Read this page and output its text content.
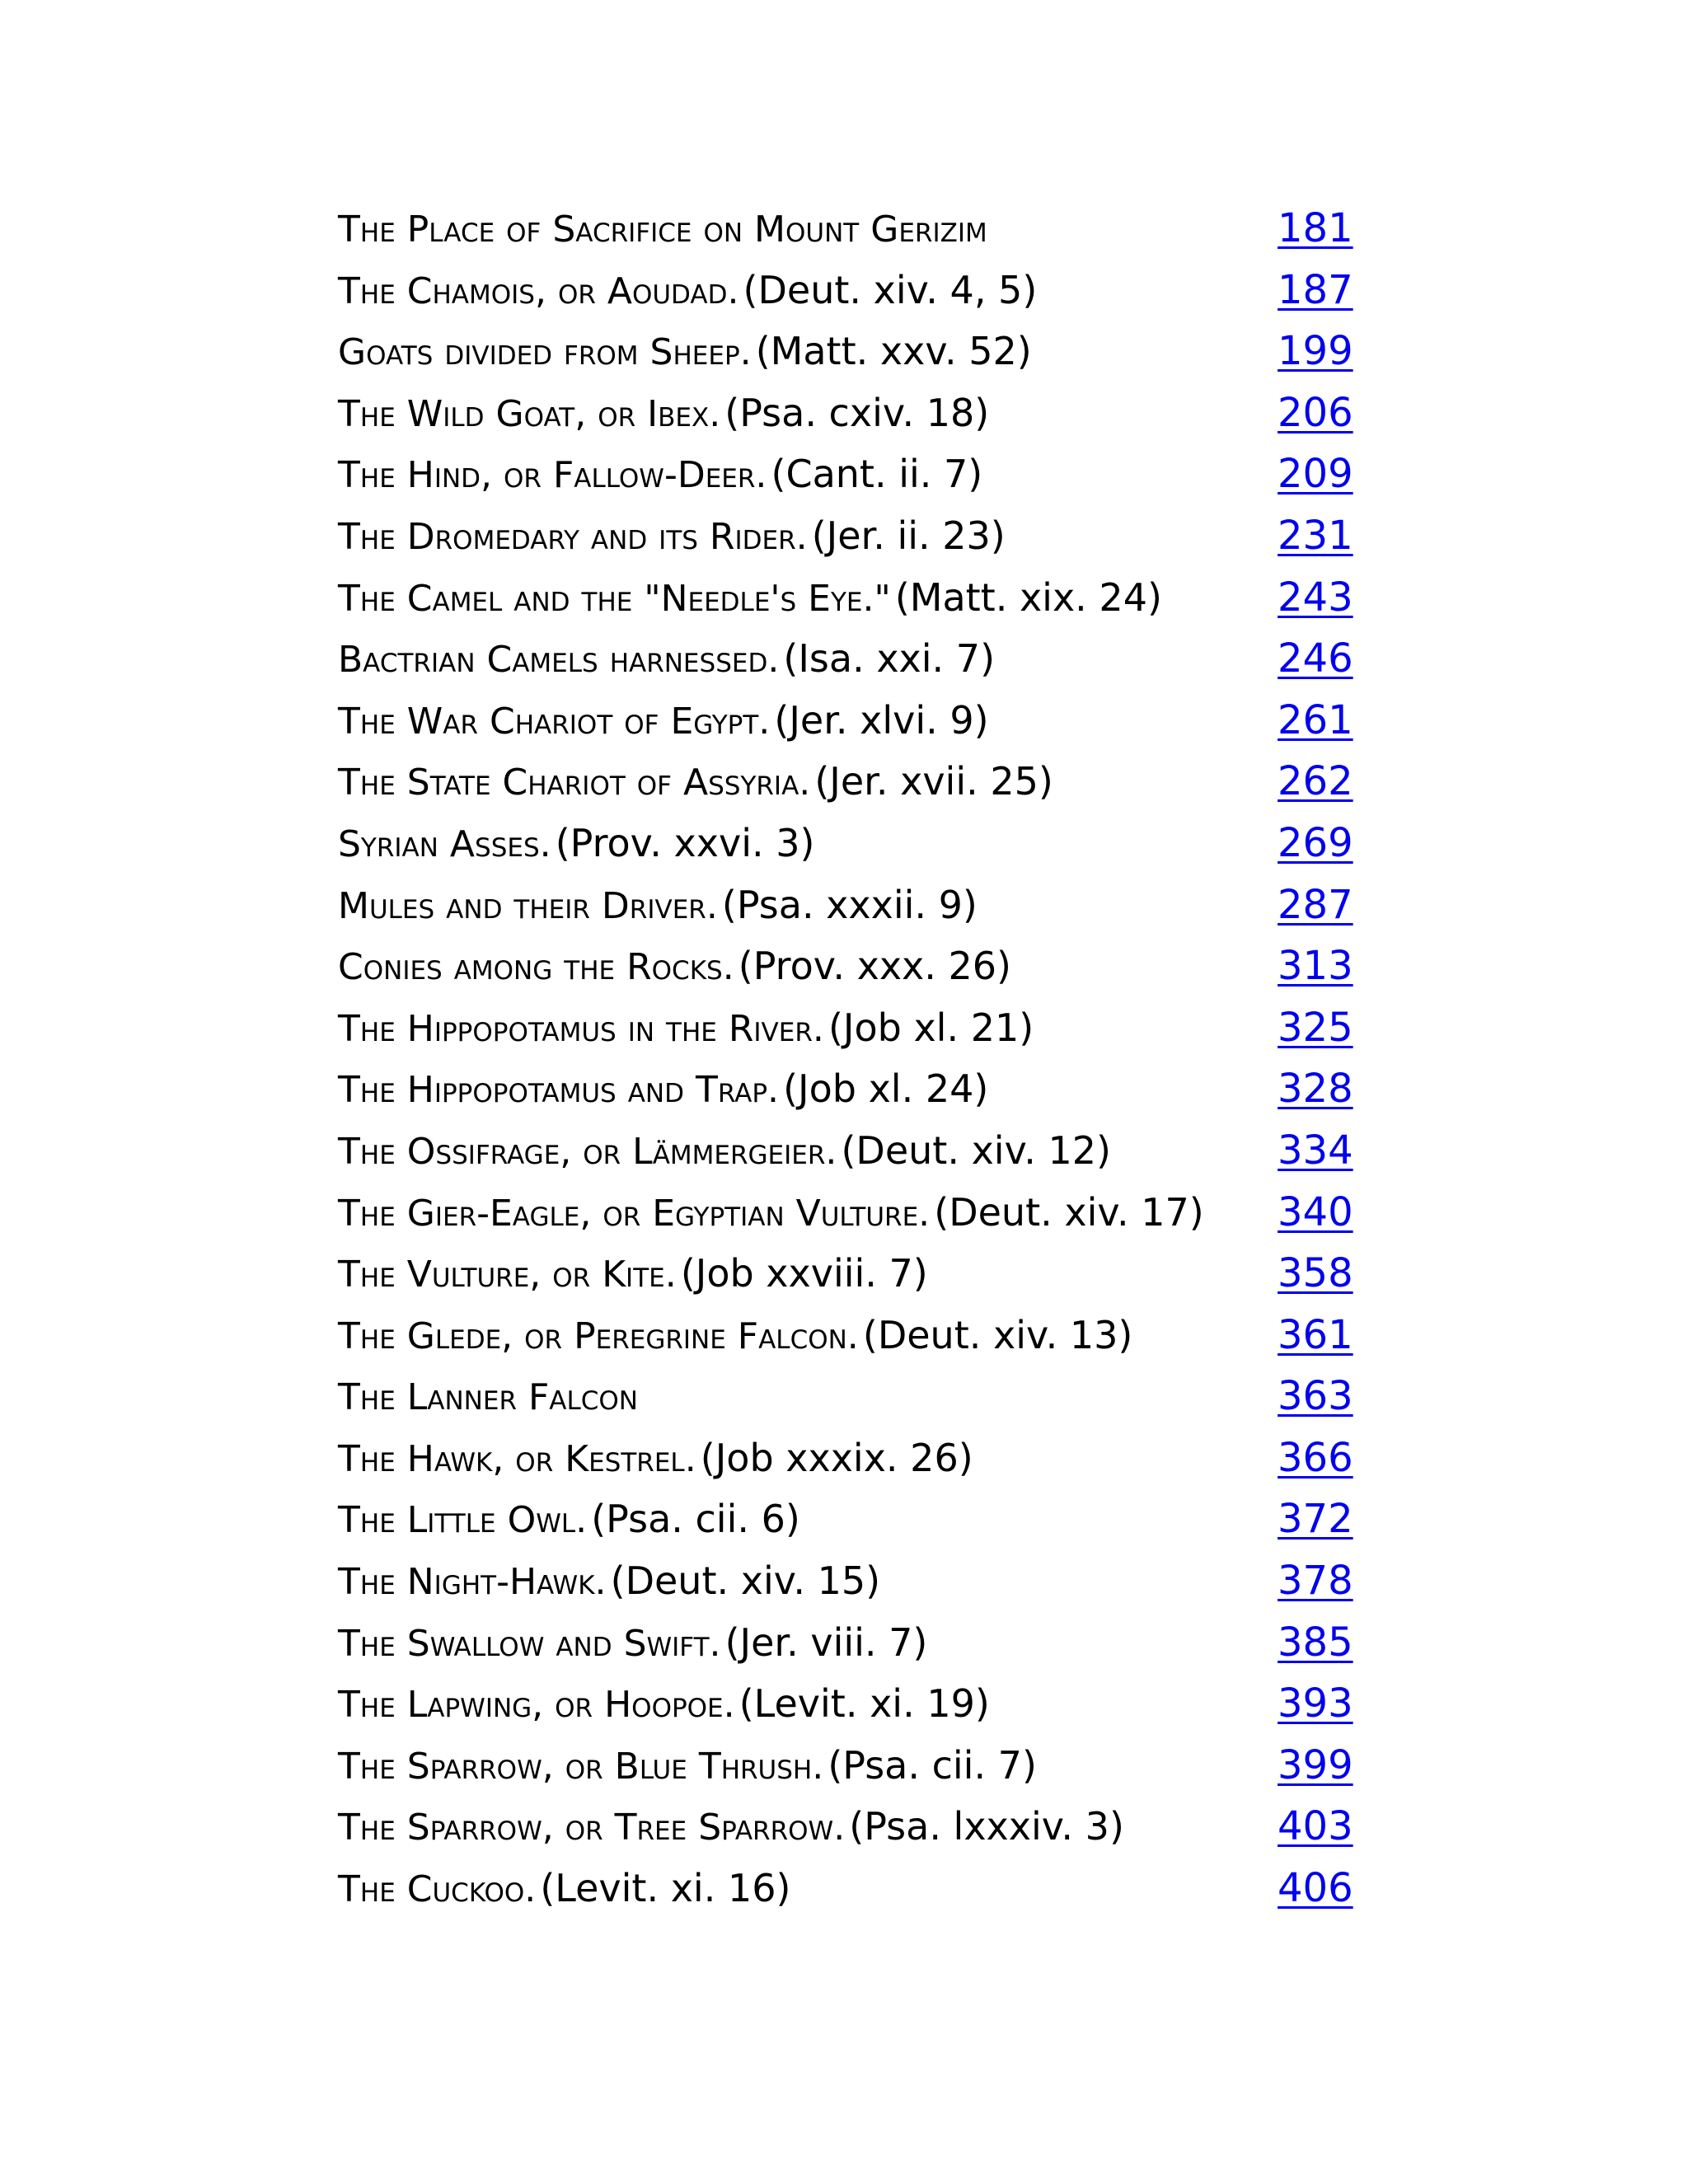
The Place of Sacrifice on Mount Gerizim	181
The Chamois, or Aoudad. (Deut. xiv. 4, 5)	187
Goats divided from Sheep. (Matt. xxv. 52)	199
The Wild Goat, or Ibex. (Psa. cxiv. 18)	206
The Hind, or Fallow-Deer. (Cant. ii. 7)	209
The Dromedary and its Rider. (Jer. ii. 23)	231
The Camel and the "Needle's Eye." (Matt. xix. 24)	243
Bactrian Camels harnessed. (Isa. xxi. 7)	246
The War Chariot of Egypt. (Jer. xlvi. 9)	261
The State Chariot of Assyria. (Jer. xvii. 25)	262
Syrian Asses. (Prov. xxvi. 3)	269
Mules and their Driver. (Psa. xxxii. 9)	287
Conies among the Rocks. (Prov. xxx. 26)	313
The Hippopotamus in the River. (Job xl. 21)	325
The Hippopotamus and Trap. (Job xl. 24)	328
The Ossifrage, or Lämmergeier. (Deut. xiv. 12)	334
The Gier-Eagle, or Egyptian Vulture. (Deut. xiv. 17) 340
The Vulture, or Kite. (Job xxviii. 7)	358
The Glede, or Peregrine Falcon. (Deut. xiv. 13)	361
The Lanner Falcon	363
The Hawk, or Kestrel. (Job xxxix. 26)	366
The Little Owl. (Psa. cii. 6)	372
The Night-Hawk. (Deut. xiv. 15)	378
The Swallow and Swift. (Jer. viii. 7)	385
The Lapwing, or Hoopoe. (Levit. xi. 19)	393
The Sparrow, or Blue Thrush. (Psa. cii. 7)	399
The Sparrow, or Tree Sparrow. (Psa. lxxxiv. 3)	403
The Cuckoo. (Levit. xi. 16)	406
